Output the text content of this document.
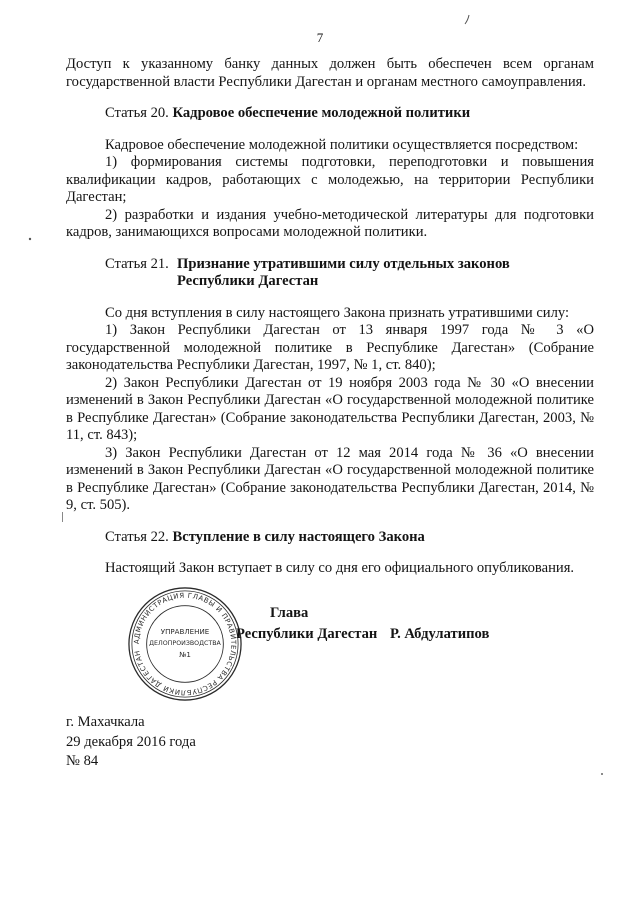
7

Доступ к указанному банку данных должен быть обеспечен всем органам государственной власти Республики Дагестан и органам местного самоуправления.

Статья 20. Кадровое обеспечение молодежной политики

Кадровое обеспечение молодежной политики осуществляется посредством:

1) формирования системы подготовки, переподготовки и повышения квалификации кадров, работающих с молодежью, на территории Республики Дагестан;

2) разработки и издания учебно-методической литературы для подготовки кадров, занимающихся вопросами молодежной политики.

Статья 21. Признание утратившими силу отдельных законов
Республики Дагестан

Со дня вступления в силу настоящего Закона признать утратившими силу:

1) Закон Республики Дагестан от 13 января 1997 года № 3 «О государственной молодежной политике в Республике Дагестан» (Собрание законодательства Республики Дагестан, 1997, № 1, ст. 840);

2) Закон Республики Дагестан от 19 ноября 2003 года № 30 «О внесении изменений в Закон Республики Дагестан «О государственной молодежной политике в Республике Дагестан» (Собрание законодательства Республики Дагестан, 2003, № 11, ст. 843);

3) Закон Республики Дагестан от 12 мая 2014 года № 36 «О внесении изменений в Закон Республики Дагестан «О государственной молодежной политике в Республике Дагестан» (Собрание законодательства Республики Дагестан, 2014, № 9, ст. 505).

Статья 22. Вступление в силу настоящего Закона

Настоящий Закон вступает в силу со дня его официального опубликования.

АДМИНИСТРАЦИЯ ГЛАВЫ И ПРАВИТЕЛЬСТВА РЕСПУБЛИКИ ДАГЕСТАН
УПРАВЛЕНИЕ
ДЕЛОПРОИЗВОДСТВА
№1
Глава
Республики Дагестан Р. Абдулатипов
г. Махачкала
29 декабря 2016 года
№ 84
